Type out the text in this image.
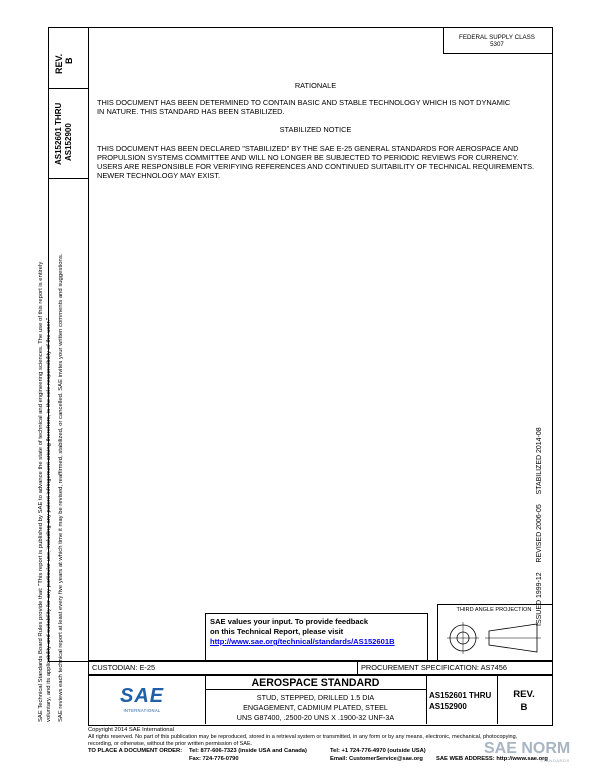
SAE Technical Standards Board Rules provide that: "This report is published by SAE to advance the state of technical and engineering sciences. The use of this report is entirely voluntary, and its applicability and suitability for any particular use, including any patent infringement arising therefrom, is the sole responsibility of the user." SAE reviews each technical report at least every five years at which time it may be revised, reaffirmed, stabilized, or cancelled. SAE invites your written comments and suggestions.
REV. B
AS152601 THRU AS152900
FEDERAL SUPPLY CLASS
5307
RATIONALE
THIS DOCUMENT HAS BEEN DETERMINED TO CONTAIN BASIC AND STABLE TECHNOLOGY WHICH IS NOT DYNAMIC IN NATURE. THIS STANDARD HAS BEEN STABILIZED.
STABILIZED NOTICE
THIS DOCUMENT HAS BEEN DECLARED "STABILIZED" BY THE SAE E-25 GENERAL STANDARDS FOR AEROSPACE AND PROPULSION SYSTEMS COMMITTEE AND WILL NO LONGER BE SUBJECTED TO PERIODIC REVIEWS FOR CURRENCY. USERS ARE RESPONSIBLE FOR VERIFYING REFERENCES AND CONTINUED SUITABILITY OF TECHNICAL REQUIREMENTS. NEWER TECHNOLOGY MAY EXIST.
ISSUED 1999-12     REVISED 2006-05     STABILIZED 2014-08
SAE values your input. To provide feedback
on this Technical Report, please visit
http://www.sae.org/technical/standards/AS152601B
THIRD ANGLE PROJECTION
CUSTODIAN: E-25	PROCUREMENT SPECIFICATION: AS7456
SAE
INTERNATIONAL
AEROSPACE STANDARD
STUD, STEPPED, DRILLED 1.5 DIA
ENGAGEMENT, CADMIUM PLATED, STEEL
UNS G87400, .2500-20 UNS X .1900-32 UNF-3A
AS152601 THRU
AS152900
REV.
B
Copyright 2014 SAE International
All rights reserved. No part of this publication may be reproduced, stored in a retrieval system or transmitted, in any form or by any means, electronic, mechanical, photocopying,
recording, or otherwise, without the prior written permission of SAE.
TO PLACE A DOCUMENT ORDER: Tel: 877-606-7323 (inside USA and Canada)
Fax: 724-776-0790
Tel: +1 724-776-4970 (outside USA)
Email: CustomerService@sae.org SAE WEB ADDRESS: http://www.sae.org
SAE NORM
STANDARDS
